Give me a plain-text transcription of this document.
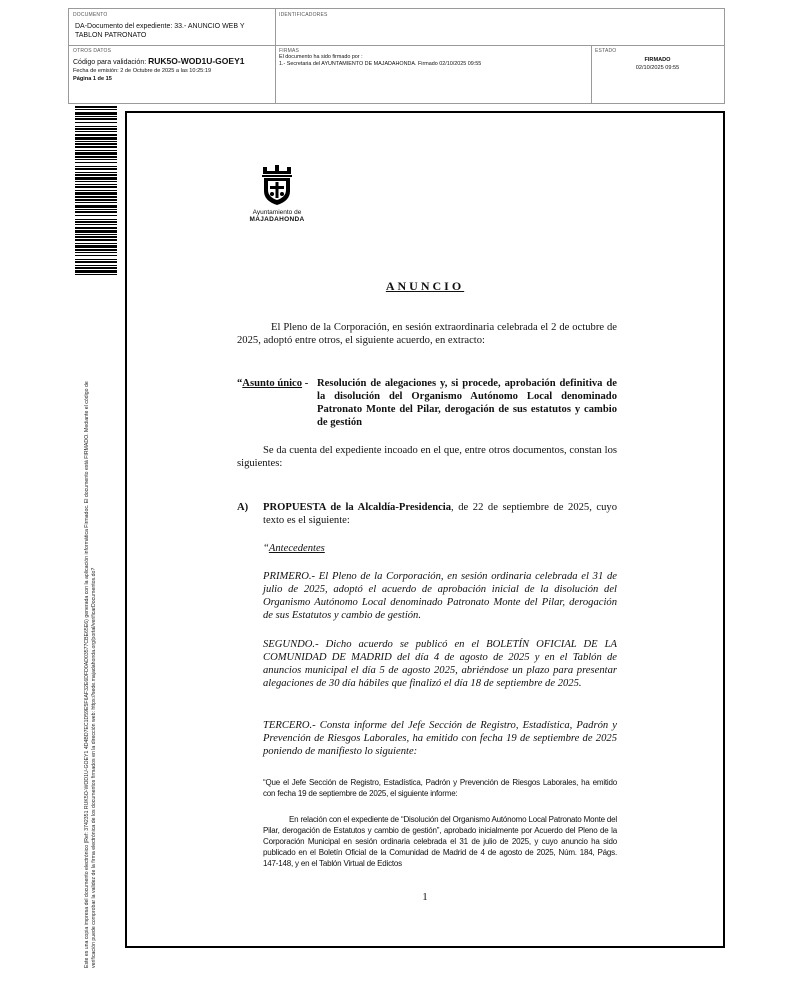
DOCUMENTO
DA-Documento del expediente: 33.- ANUNCIO WEB Y TABLON PATRONATO
IDENTIFICADORES
OTROS DATOS
Código para validación: RUK5O-WOD1U-GOEY1
Fecha de emisión: 2 de Octubre de 2025 a las 10:25:19
Página 1 de 15
FIRMAS
El documento ha sido firmado por :
1.- Secretaria del AYUNTAMIENTO DE MAJADAHONDA. Firmado 02/10/2025 09:55
ESTADO
FIRMADO
02/10/2025 09:55
Este es una copia impresa del documento electrónico (Ref: 3742351 RUK5O-WOD1U-GOEY1 4D4BD7EC1D59E5F6AF32E6DFD0AD03577CBE65E6) generada con la aplicación informática Firmadoc. El documento está FIRMADO. Mediante el código de verificación puede comprobar la validez de la firma electrónica de los documentos firmados en la dirección web: https://sede.majadahonda.org/portal/verificarDocumentos.do?
Ayuntamiento de
MAJADAHONDA
ANUNCIO
El Pleno de la Corporación, en sesión extraordinaria celebrada el 2 de octubre de 2025, adoptó entre otros, el siguiente acuerdo, en extracto:
“Asunto único - Resolución de alegaciones y, si procede, aprobación definitiva de la disolución del Organismo Autónomo Local denominado Patronato Monte del Pilar, derogación de sus estatutos y cambio de gestión
Se da cuenta del expediente incoado en el que, entre otros documentos, constan los siguientes:
A)	PROPUESTA de la Alcaldía-Presidencia, de 22 de septiembre de 2025, cuyo texto es el siguiente:
“Antecedentes
PRIMERO.- El Pleno de la Corporación, en sesión ordinaria celebrada el 31 de julio de 2025, adoptó el acuerdo de aprobación inicial de la disolución del Organismo Autónomo Local denominado Patronato Monte del Pilar, derogación de sus Estatutos y cambio de gestión.
SEGUNDO.- Dicho acuerdo se publicó en el BOLETÍN OFICIAL DE LA COMUNIDAD DE MADRID del día 4 de agosto de 2025 y en el Tablón de anuncios municipal el día 5 de agosto 2025, abriéndose un plazo para presentar alegaciones de 30 día hábiles que finalizó el día 18 de septiembre de 2025.
TERCERO.- Consta informe del Jefe Sección de Registro, Estadística, Padrón y Prevención de Riesgos Laborales, ha emitido con fecha 19 de septiembre de 2025 poniendo de manifiesto lo siguiente:
“Que el Jefe Sección de Registro, Estadística, Padrón y Prevención de Riesgos Laborales, ha emitido con fecha 19 de septiembre de 2025, el siguiente informe:
En relación con el expediente de “Disolución del Organismo Autónomo Local Patronato Monte del Pilar, derogación de Estatutos y cambio de gestión”, aprobado inicialmente por Acuerdo del Pleno de la Corporación Municipal en sesión ordinaria celebrada el 31 de julio de 2025, y cuyo anuncio ha sido publicado en el Boletín Oficial de la Comunidad de Madrid de 4 de agosto de 2025, Núm. 184, Págs. 147-148, y en el Tablón Virtual de Edictos
1
